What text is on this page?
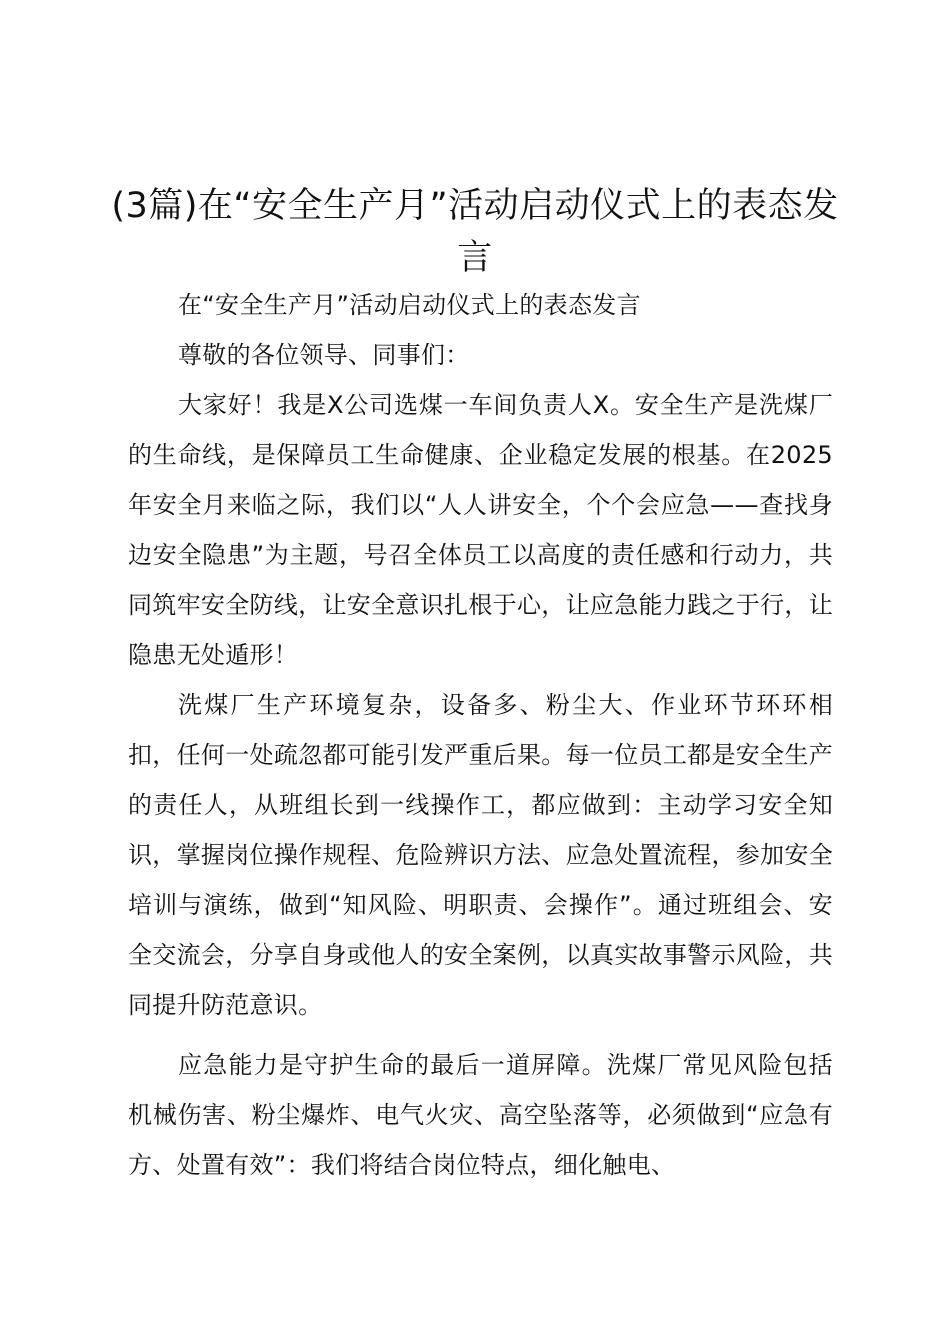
(3篇)在“安全生产月”活动启动仪式上的表态发言

在“安全生产月”活动启动仪式上的表态发言

尊敬的各位领导、同事们：

大家好！我是X公司选煤一车间负责人X。安全生产是洗煤厂的生命线，是保障员工生命健康、企业稳定发展的根基。在2025年安全月来临之际，我们以“人人讲安全，个个会应急——查找身边安全隐患”为主题，号召全体员工以高度的责任感和行动力，共同筑牢安全防线，让安全意识扎根于心，让应急能力践之于行，让隐患无处遁形！

洗煤厂生产环境复杂，设备多、粉尘大、作业环节环环相扣，任何一处疏忽都可能引发严重后果。每一位员工都是安全生产的责任人，从班组长到一线操作工，都应做到：主动学习安全知识，掌握岗位操作规程、危险辨识方法、应急处置流程，参加安全培训与演练，做到“知风险、明职责、会操作”。通过班组会、安全交流会，分享自身或他人的安全案例，以真实故事警示风险，共同提升防范意识。

应急能力是守护生命的最后一道屏障。洗煤厂常见风险包括机械伤害、粉尘爆炸、电气火灾、高空坠落等，必须做到“应急有方、处置有效”：我们将结合岗位特点，细化触电、
